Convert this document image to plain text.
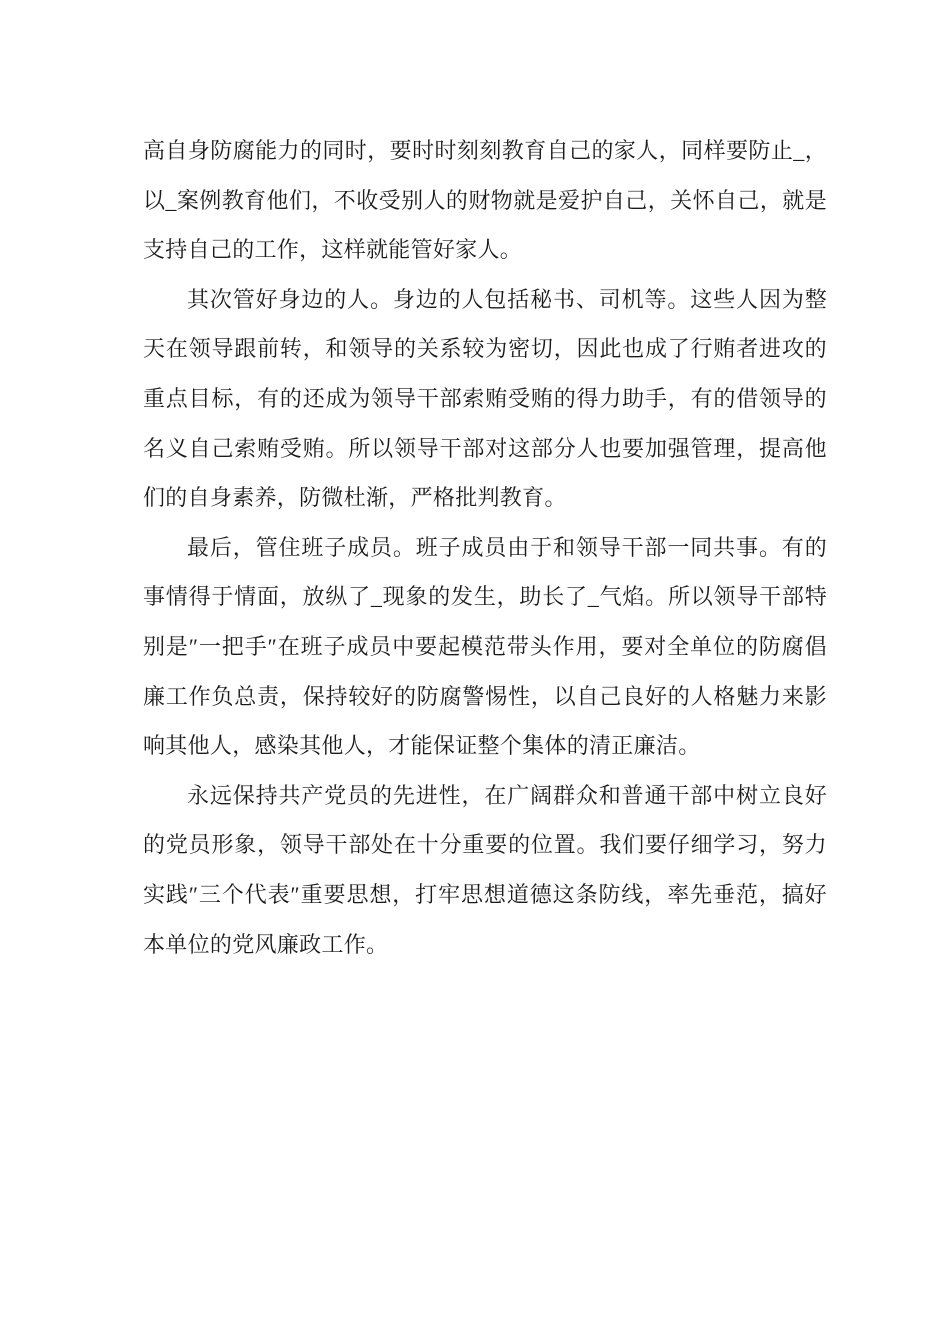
高自身防腐能力的同时，要时时刻刻教育自己的家人，同样要防止_，以_案例教育他们，不收受别人的财物就是爱护自己，关怀自己，就是支持自己的工作，这样就能管好家人。

其次管好身边的人。身边的人包括秘书、司机等。这些人因为整天在领导跟前转，和领导的关系较为密切，因此也成了行贿者进攻的重点目标，有的还成为领导干部索贿受贿的得力助手，有的借领导的名义自己索贿受贿。所以领导干部对这部分人也要加强管理，提高他们的自身素养，防微杜渐，严格批判教育。

最后，管住班子成员。班子成员由于和领导干部一同共事。有的事情得于情面，放纵了_现象的发生，助长了_气焰。所以领导干部特别是″一把手″在班子成员中要起模范带头作用，要对全单位的防腐倡廉工作负总责，保持较好的防腐警惕性，以自己良好的人格魅力来影响其他人，感染其他人，才能保证整个集体的清正廉洁。

永远保持共产党员的先进性，在广阔群众和普通干部中树立良好的党员形象，领导干部处在十分重要的位置。我们要仔细学习，努力实践″三个代表″重要思想，打牢思想道德这条防线，率先垂范，搞好本单位的党风廉政工作。
